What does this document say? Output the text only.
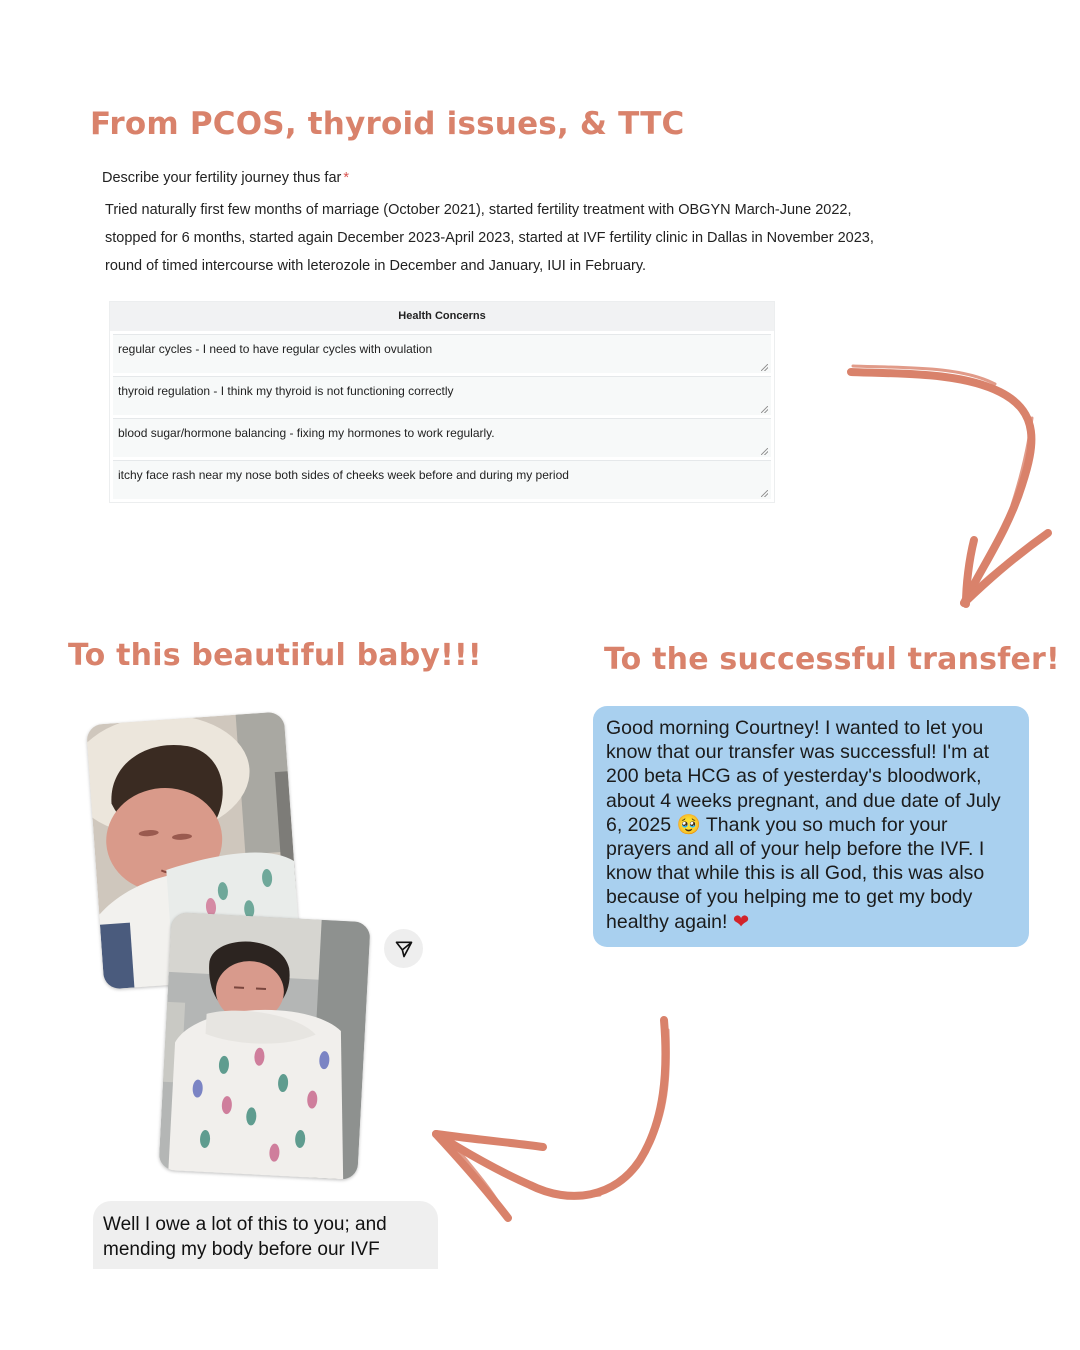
From PCOS, thyroid issues, & TTC
Describe your fertility journey thus far *
Tried naturally first few months of marriage (October 2021), started fertility treatment with OBGYN March-June 2022, stopped for 6 months, started again December 2023-April 2023, started at IVF fertility clinic in Dallas in November 2023, round of timed intercourse with leterozole in December and January, IUI in February.
Health Concerns
regular cycles - I need to have regular cycles with ovulation
thyroid regulation - I think my thyroid is not functioning correctly
blood sugar/hormone balancing - fixing my hormones to work regularly.
itchy face rash near my nose both sides of cheeks week before and during my period
To this beautiful baby!!!	To the successful transfer!
Good morning Courtney! I wanted to let you know that our transfer was successful! I'm at 200 beta HCG as of yesterday's bloodwork, about 4 weeks pregnant, and due date of July 6, 2025 🥹 Thank you so much for your prayers and all of your help before the IVF. I know that while this is all God, this was also because of you helping me to get my body healthy again! ❤
Well I owe a lot of this to you; and mending my body before our IVF
